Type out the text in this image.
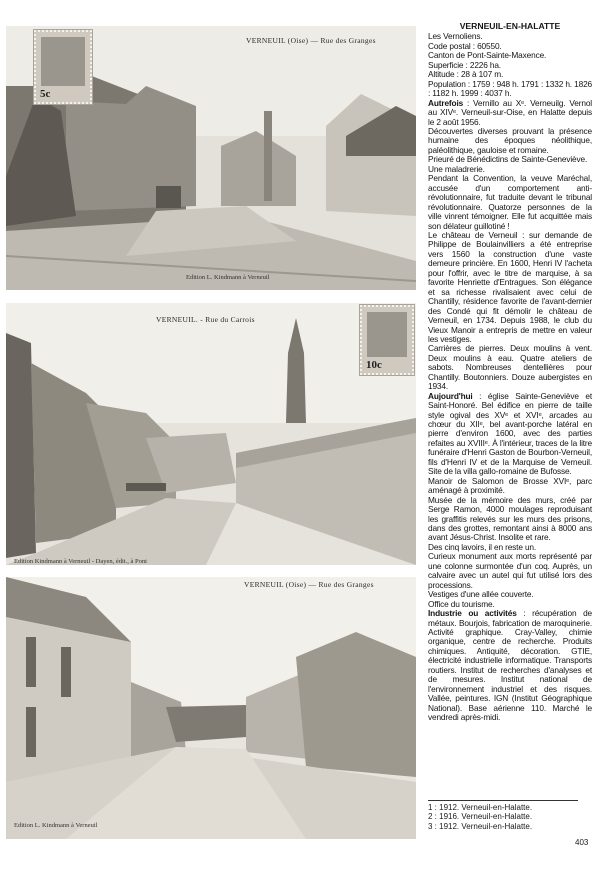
VERNEUIL (Oise) — Rue des Granges
Edition L. Kindmann à Verneuil
5c
VERNEUIL. - Rue du Carrois
Edition Kindmann à Verneuil - Dayen, édit., à Pont
10c
VERNEUIL (Oise) — Rue des Granges
Edition L. Kindmann à Verneuil
VERNEUIL-EN-HALATTE

Les Vernoliens.

Code postal : 60550.

Canton de Pont-Sainte-Maxence.

Superficie : 2226 ha.

Altitude : 28 à 107 m.

Population : 1759 : 948 h. 1791 : 1332 h. 1826 : 1182 h. 1999 : 4037 h.

Autrefois : Vernillo au Xᵉ. Verneuilg. Vernol au XIVᵉ. Verneuil-sur-Oise, en Halatte depuis le 2 août 1956.

Découvertes diverses prouvant la présence humaine des époques néolithique, paléolithique, gauloise et romaine.

Prieuré de Bénédictins de Sainte-Geneviève.

Une maladrerie.

Pendant la Convention, la veuve Maréchal, accusée d'un comportement anti-révolutionnaire, fut traduite devant le tribunal révolutionnaire. Quatorze personnes de la ville vinrent témoigner. Elle fut acquittée mais son délateur guillotiné !

Le château de Verneuil : sur demande de Philippe de Boulainvilliers a été entreprise vers 1560 la construction d'une vaste demeure princière. En 1600, Henri IV l'acheta pour l'offrir, avec le titre de marquise, à sa favorite Henriette d'Entragues. Son élégance et sa richesse rivalisaient avec celui de Chantilly, résidence favorite de l'avant-dernier des Condé qui fit démolir le château de Verneuil, en 1734. Depuis 1988, le club du Vieux Manoir a entrepris de mettre en valeur les vestiges.

Carrières de pierres. Deux moulins à vent. Deux moulins à eau. Quatre ateliers de sabots. Nombreuses dentellières pour Chantilly. Boutonniers. Douze aubergistes en 1934.

Aujourd'hui : église Sainte-Geneviève et Saint-Honoré. Bel édifice en pierre de taille style ogival des XVᵉ et XVIᵉ, arcades au chœur du XIIᵉ, bel avant-porche latéral en pierre d'environ 1600, avec des parties refaites au XVIIIᵉ. À l'intérieur, traces de la litre funéraire d'Henri Gaston de Bourbon-Verneuil, fils d'Henri IV et de la Marquise de Verneuil. Site de la villa gallo-romaine de Bufosse.

Manoir de Salomon de Brosse XVIᵉ, parc aménagé à proximité.

Musée de la mémoire des murs, créé par Serge Ramon, 4000 moulages reproduisant les graffitis relevés sur les murs des prisons, dans des grottes, remontant ainsi à 8000 ans avant Jésus-Christ. Insolite et rare.

Des cinq lavoirs, il en reste un.

Curieux monument aux morts représenté par une colonne surmontée d'un coq. Auprès, un calvaire avec un autel qui fut utilisé lors des processions.

Vestiges d'une allée couverte.

Office du tourisme.

Industrie ou activités : récupération de métaux. Bourjois, fabrication de maroquinerie. Activité graphique. Cray-Valley, chimie organique, centre de recherche. Produits chimiques. Antiquité, décoration. GTIE, électricité industrielle informatique. Transports routiers. Institut de recherches d'analyses et de mesures. Institut national de l'environnement industriel et des risques. Vallée, peintures. IGN (Institut Géographique National). Base aérienne 110. Marché le vendredi après-midi.

1 : 1912. Verneuil-en-Halatte.
2 : 1916. Verneuil-en-Halatte.
3 : 1912. Verneuil-en-Halatte.
403
